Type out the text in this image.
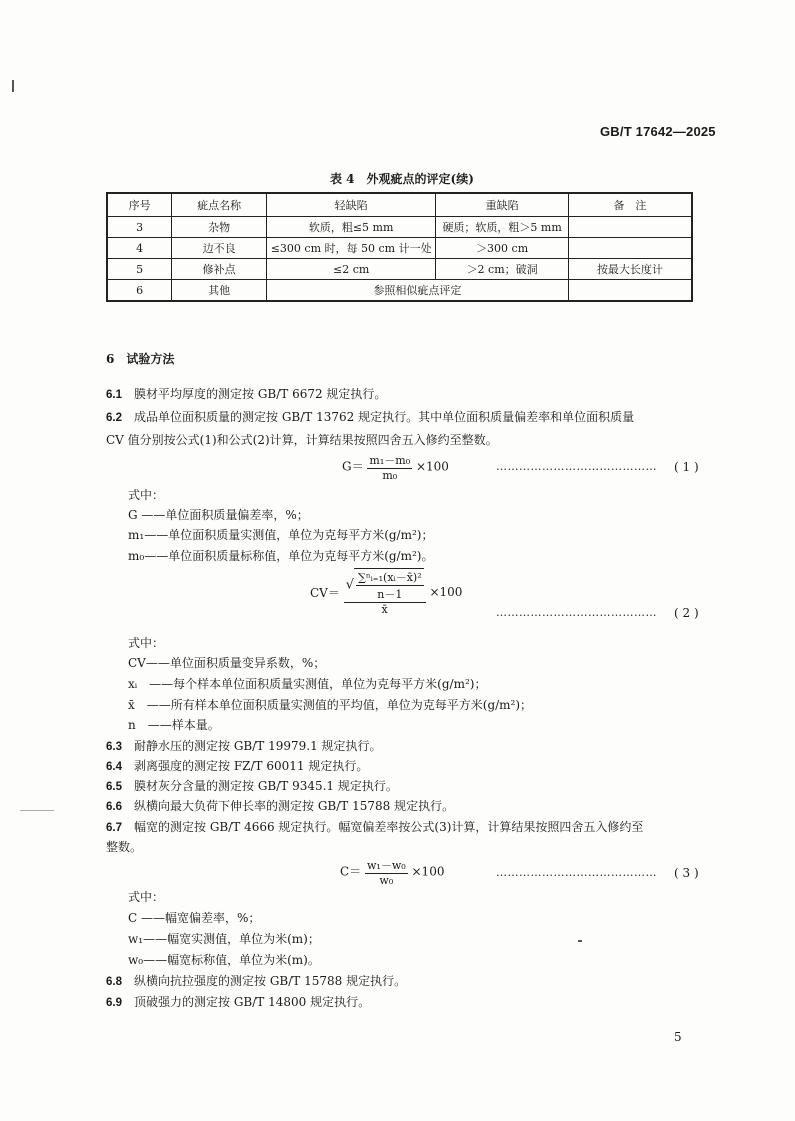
GB/T 17642—2025
表 4　外观疵点的评定(续)
序号	疵点名称	轻缺陷	重缺陷	备　注
3	杂物	软质，粗≤5 mm	硬质；软质，粗＞5 mm	
4	边不良	≤300 cm 时，每 50 cm 计一处	＞300 cm	
5	修补点	≤2 cm	＞2 cm；破洞	按最大长度计
6	其他	参照相似疵点评定		
6　试验方法
6.1 膜材平均厚度的测定按 GB/T 6672 规定执行。
6.2 成品单位面积质量的测定按 GB/T 13762 规定执行。其中单位面积质量偏差率和单位面积质量
CV 值分别按公式(1)和公式(2)计算，计算结果按照四舍五入修约至整数。
$G= \frac{\text{m₁－m₀}}{\text{m₀}} \times 100$	…………………………………… ( 1 )
式中：
G ——单位面积质量偏差率，%；
m₁——单位面积质量实测值，单位为克每平方米(g/m²)；
m₀——单位面积质量标称值，单位为克每平方米(g/m²)。
$CV= \frac{√ \frac{\text{∑ⁿᵢ₌₁(xᵢ－x̄)²}}{n-1}}{x̄} \times 100$
…………………………………… ( 2 )
式中：
CV——单位面积质量变异系数，%；
xᵢ　——每个样本单位面积质量实测值，单位为克每平方米(g/m²)；
x̄　——所有样本单位面积质量实测值的平均值，单位为克每平方米(g/m²)；
n　——样本量。
6.3 耐静水压的测定按 GB/T 19979.1 规定执行。
6.4 剥离强度的测定按 FZ/T 60011 规定执行。
6.5 膜材灰分含量的测定按 GB/T 9345.1 规定执行。
6.6 纵横向最大负荷下伸长率的测定按 GB/T 15788 规定执行。
6.7 幅宽的测定按 GB/T 4666 规定执行。幅宽偏差率按公式(3)计算，计算结果按照四舍五入修约至
整数。
$C= \frac{\text{w₁－w₀}}{\text{w₀}} \times 100$	…………………………………… ( 3 )
式中：
C ——幅宽偏差率，%；
w₁——幅宽实测值，单位为米(m)；
w₀——幅宽标称值，单位为米(m)。
6.8 纵横向抗拉强度的测定按 GB/T 15788 规定执行。
6.9 顶破强力的测定按 GB/T 14800 规定执行。
5
